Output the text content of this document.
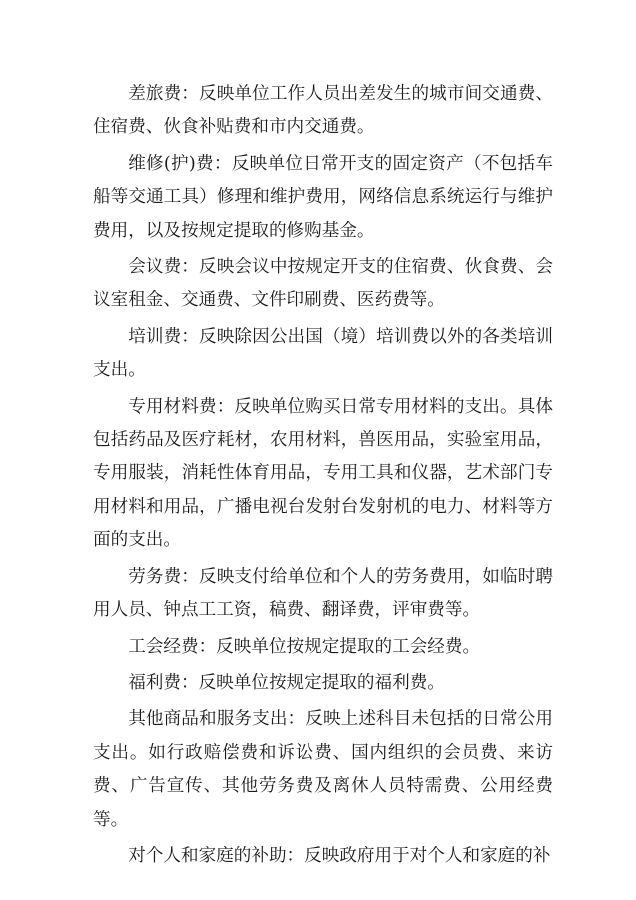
差旅费：反映单位工作人员出差发生的城市间交通费、住宿费、伙食补贴费和市内交通费。

维修(护)费：反映单位日常开支的固定资产（不包括车船等交通工具）修理和维护费用，网络信息系统运行与维护费用，以及按规定提取的修购基金。

会议费：反映会议中按规定开支的住宿费、伙食费、会议室租金、交通费、文件印刷费、医药费等。

培训费：反映除因公出国（境）培训费以外的各类培训支出。

专用材料费：反映单位购买日常专用材料的支出。具体包括药品及医疗耗材，农用材料，兽医用品，实验室用品，专用服装，消耗性体育用品，专用工具和仪器，艺术部门专用材料和用品，广播电视台发射台发射机的电力、材料等方面的支出。

劳务费：反映支付给单位和个人的劳务费用，如临时聘用人员、钟点工工资，稿费、翻译费，评审费等。

工会经费：反映单位按规定提取的工会经费。

福利费：反映单位按规定提取的福利费。

其他商品和服务支出：反映上述科目未包括的日常公用支出。如行政赔偿费和诉讼费、国内组织的会员费、来访费、广告宣传、其他劳务费及离休人员特需费、公用经费等。

对个人和家庭的补助：反映政府用于对个人和家庭的补
